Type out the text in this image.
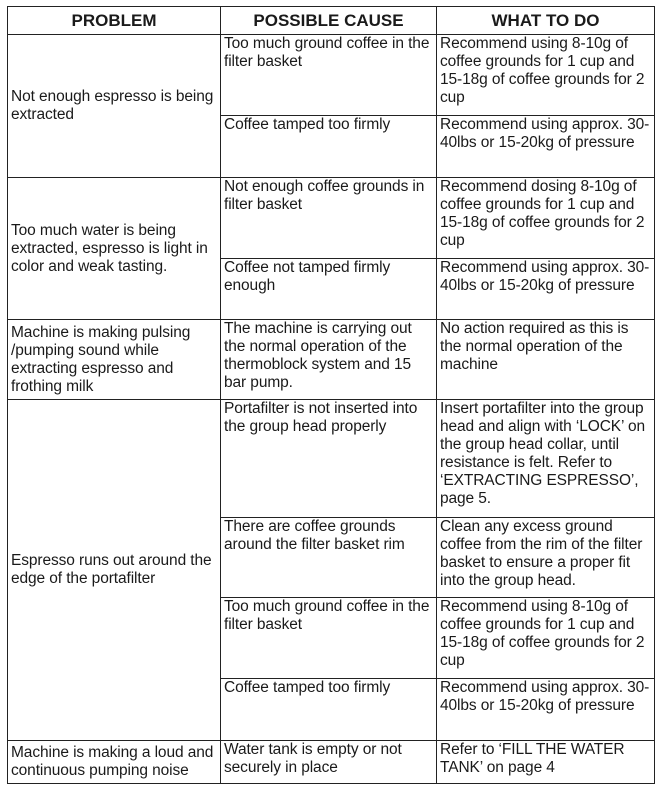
PROBLEM	POSSIBLE CAUSE	WHAT TO DO
Not enough espresso is being extracted	Too much ground coffee in the filter basket	Recommend using 8-10g of coffee grounds for 1 cup and 15-18g of coffee grounds for 2 cup
	Coffee tamped too firmly	Recommend using approx. 30-40lbs or 15-20kg of pressure
Too much water is being extracted, espresso is light in color and weak tasting.	Not enough coffee grounds in filter basket	Recommend dosing 8-10g of coffee grounds for 1 cup and 15-18g of coffee grounds for 2 cup
	Coffee not tamped firmly enough	Recommend using approx. 30-40lbs or 15-20kg of pressure
Machine is making pulsing /pumping sound while extracting espresso and frothing milk	The machine is carrying out the normal operation of the thermoblock system and 15 bar pump.	No action required as this is the normal operation of the machine
Espresso runs out around the edge of the portafilter	Portafilter is not inserted into the group head properly	Insert portafilter into the group head and align with ‘LOCK’ on the group head collar, until resistance is felt. Refer to ‘EXTRACTING ESPRESSO’, page 5.
	There are coffee grounds around the filter basket rim	Clean any excess ground coffee from the rim of the filter basket to ensure a proper fit into the group head.
	Too much ground coffee in the filter basket	Recommend using 8-10g of coffee grounds for 1 cup and 15-18g of coffee grounds for 2 cup
	Coffee tamped too firmly	Recommend using approx. 30-40lbs or 15-20kg of pressure
Machine is making a loud and continuous pumping noise	Water tank is empty or not securely in place	Refer to ‘FILL THE WATER TANK’ on page 4
